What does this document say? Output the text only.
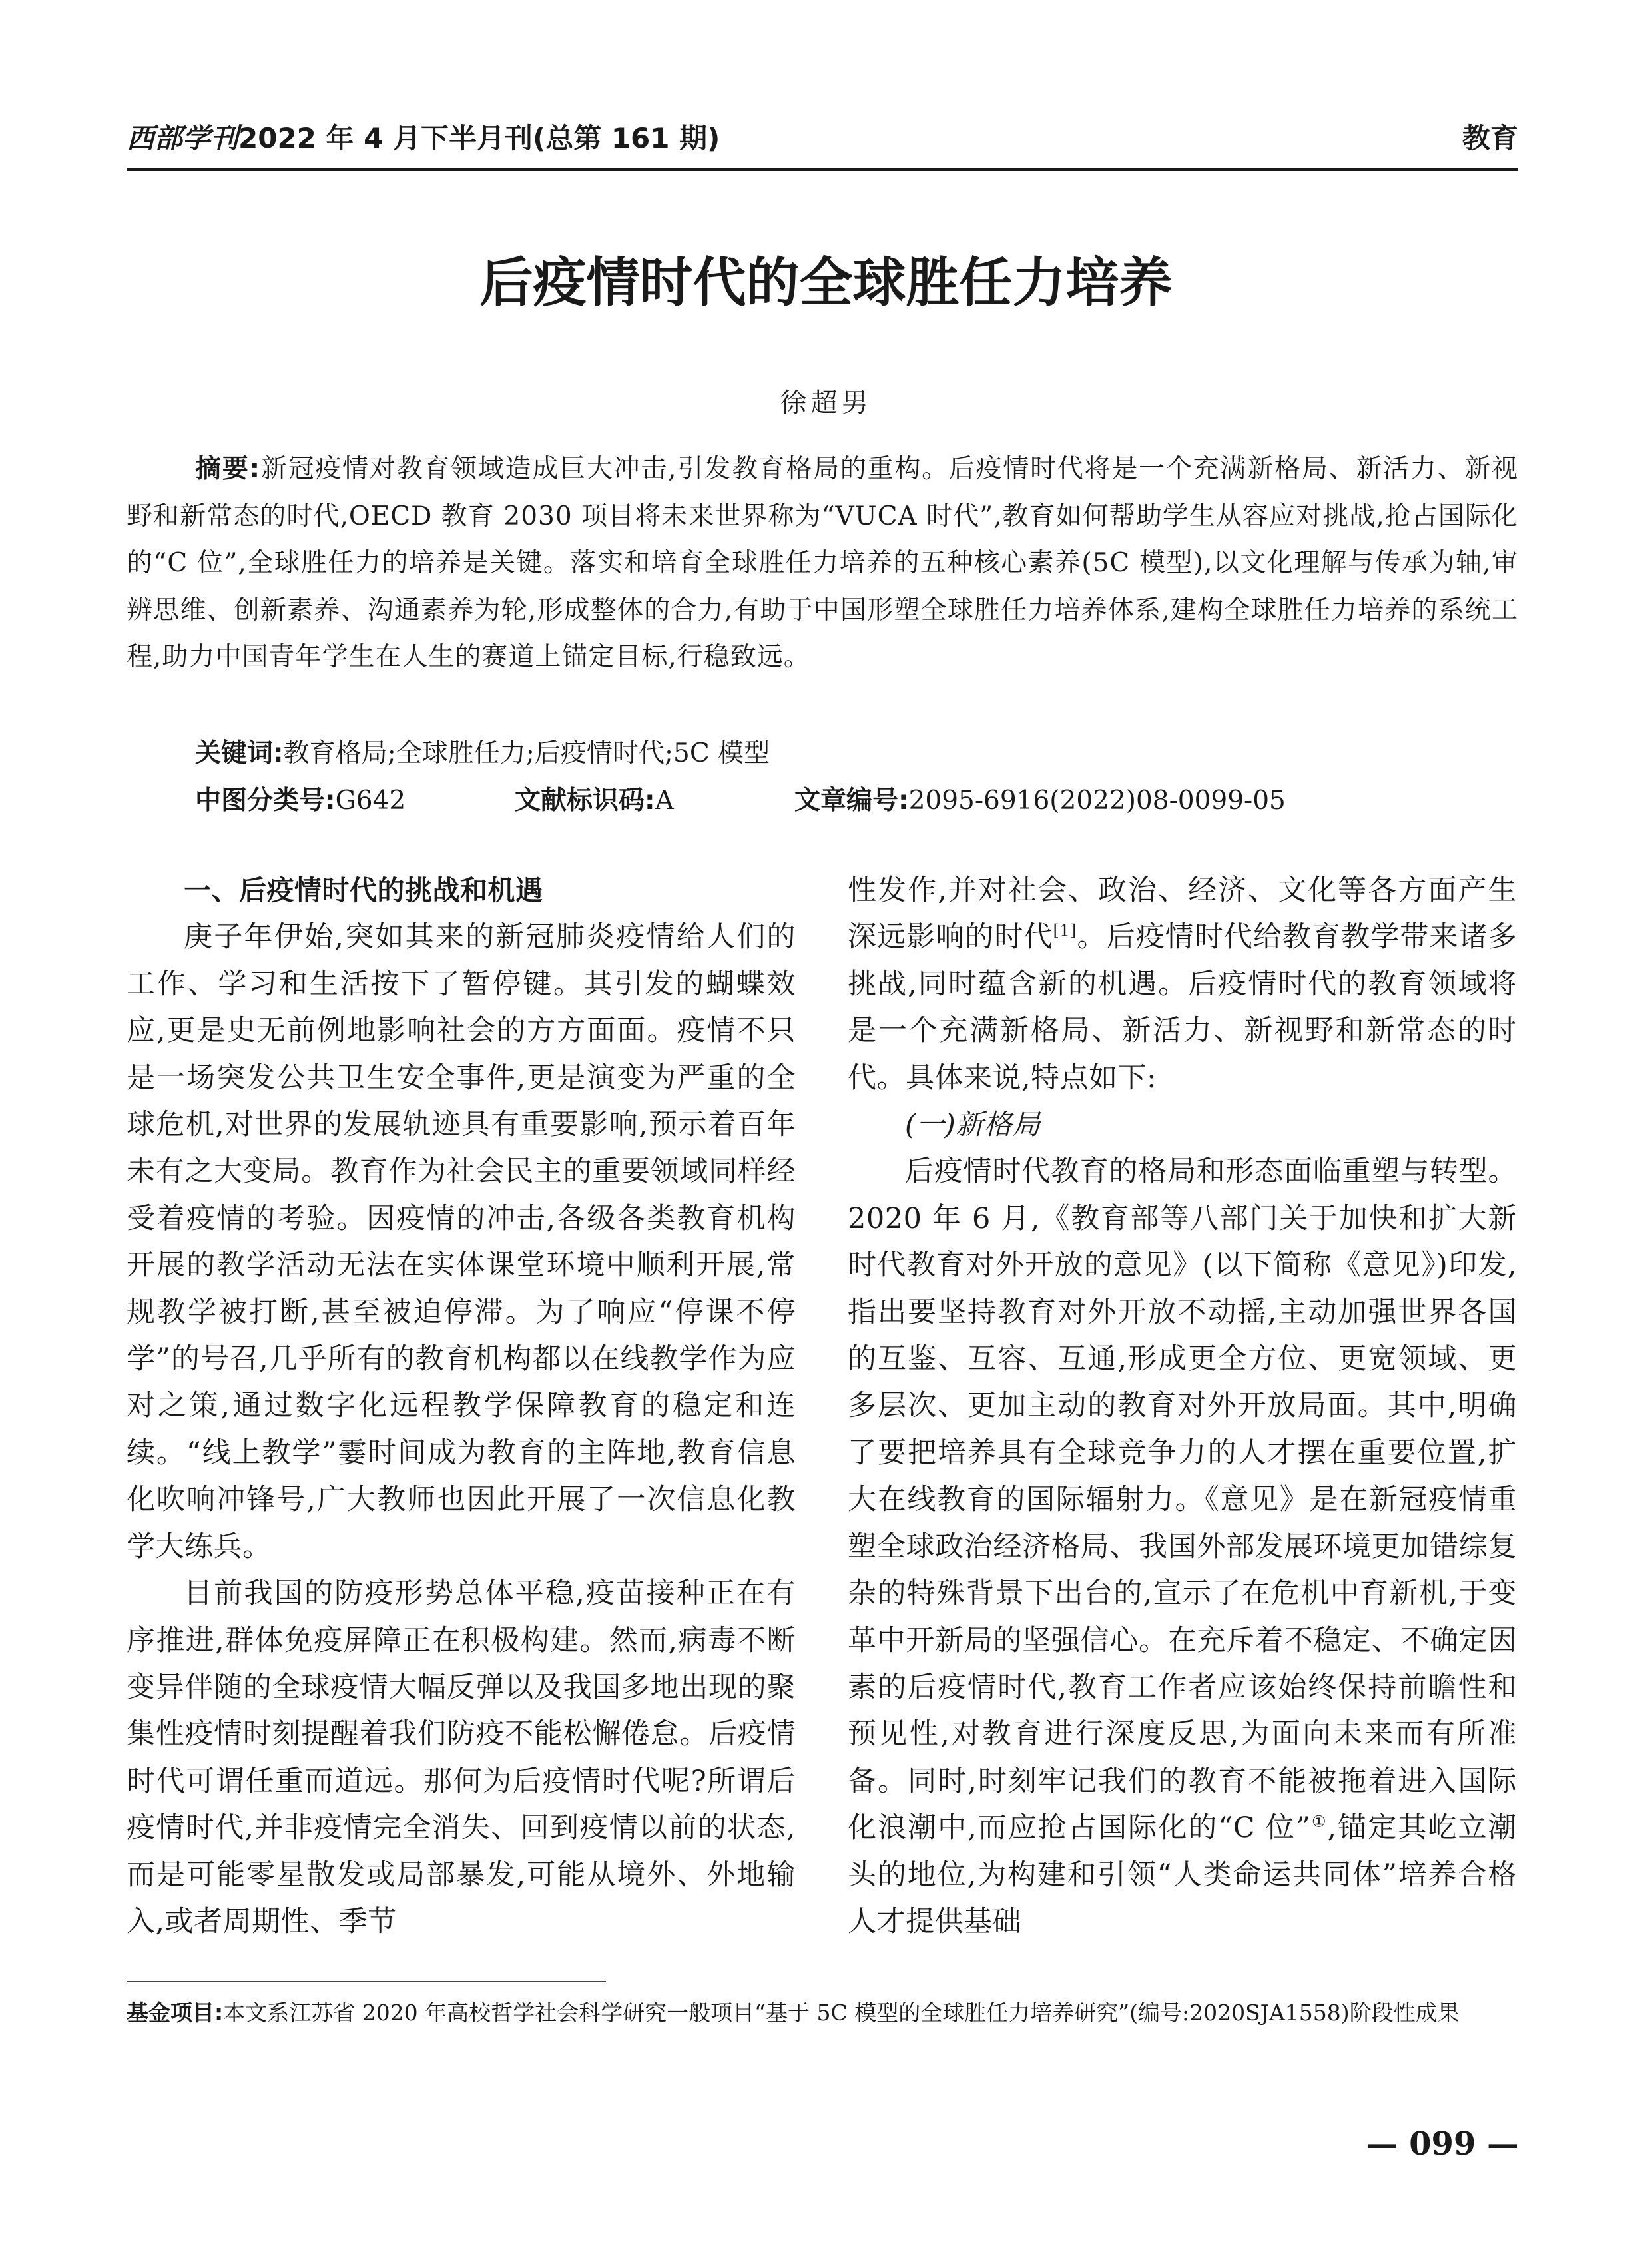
西部学刊2022 年 4 月下半月刊(总第 161 期)	教育
后疫情时代的全球胜任力培养
徐超男

摘要:新冠疫情对教育领域造成巨大冲击,引发教育格局的重构。后疫情时代将是一个充满新格局、新活力、新视野和新常态的时代,OECD 教育 2030 项目将未来世界称为“VUCA 时代”,教育如何帮助学生从容应对挑战,抢占国际化的“C 位”,全球胜任力的培养是关键。落实和培育全球胜任力培养的五种核心素养(5C 模型),以文化理解与传承为轴,审辨思维、创新素养、沟通素养为轮,形成整体的合力,有助于中国形塑全球胜任力培养体系,建构全球胜任力培养的系统工程,助力中国青年学生在人生的赛道上锚定目标,行稳致远。

关键词:教育格局;全球胜任力;后疫情时代;5C 模型
中图分类号:G642	文献标识码:A	文章编号:2095-6916(2022)08-0099-05
一、后疫情时代的挑战和机遇

庚子年伊始,突如其来的新冠肺炎疫情给人们的工作、学习和生活按下了暂停键。其引发的蝴蝶效应,更是史无前例地影响社会的方方面面。疫情不只是一场突发公共卫生安全事件,更是演变为严重的全球危机,对世界的发展轨迹具有重要影响,预示着百年未有之大变局。教育作为社会民主的重要领域同样经受着疫情的考验。因疫情的冲击,各级各类教育机构开展的教学活动无法在实体课堂环境中顺利开展,常规教学被打断,甚至被迫停滞。为了响应“停课不停学”的号召,几乎所有的教育机构都以在线教学作为应对之策,通过数字化远程教学保障教育的稳定和连续。“线上教学”霎时间成为教育的主阵地,教育信息化吹响冲锋号,广大教师也因此开展了一次信息化教学大练兵。

目前我国的防疫形势总体平稳,疫苗接种正在有序推进,群体免疫屏障正在积极构建。然而,病毒不断变异伴随的全球疫情大幅反弹以及我国多地出现的聚集性疫情时刻提醒着我们防疫不能松懈倦怠。后疫情时代可谓任重而道远。那何为后疫情时代呢?所谓后疫情时代,并非疫情完全消失、回到疫情以前的状态,而是可能零星散发或局部暴发,可能从境外、外地输入,或者周期性、季节

性发作,并对社会、政治、经济、文化等各方面产生深远影响的时代[1]。后疫情时代给教育教学带来诸多挑战,同时蕴含新的机遇。后疫情时代的教育领域将是一个充满新格局、新活力、新视野和新常态的时代。具体来说,特点如下:

(一)新格局

后疫情时代教育的格局和形态面临重塑与转型。2020 年 6 月,《教育部等八部门关于加快和扩大新时代教育对外开放的意见》(以下简称《意见》)印发,指出要坚持教育对外开放不动摇,主动加强世界各国的互鉴、互容、互通,形成更全方位、更宽领域、更多层次、更加主动的教育对外开放局面。其中,明确了要把培养具有全球竞争力的人才摆在重要位置,扩大在线教育的国际辐射力。《意见》是在新冠疫情重塑全球政治经济格局、我国外部发展环境更加错综复杂的特殊背景下出台的,宣示了在危机中育新机,于变革中开新局的坚强信心。在充斥着不稳定、不确定因素的后疫情时代,教育工作者应该始终保持前瞻性和预见性,对教育进行深度反思,为面向未来而有所准备。同时,时刻牢记我们的教育不能被拖着进入国际化浪潮中,而应抢占国际化的“C 位”①,锚定其屹立潮头的地位,为构建和引领“人类命运共同体”培养合格人才提供基础

基金项目:本文系江苏省 2020 年高校哲学社会科学研究一般项目“基于 5C 模型的全球胜任力培养研究”(编号:2020SJA1558)阶段性成果
— 099 —
